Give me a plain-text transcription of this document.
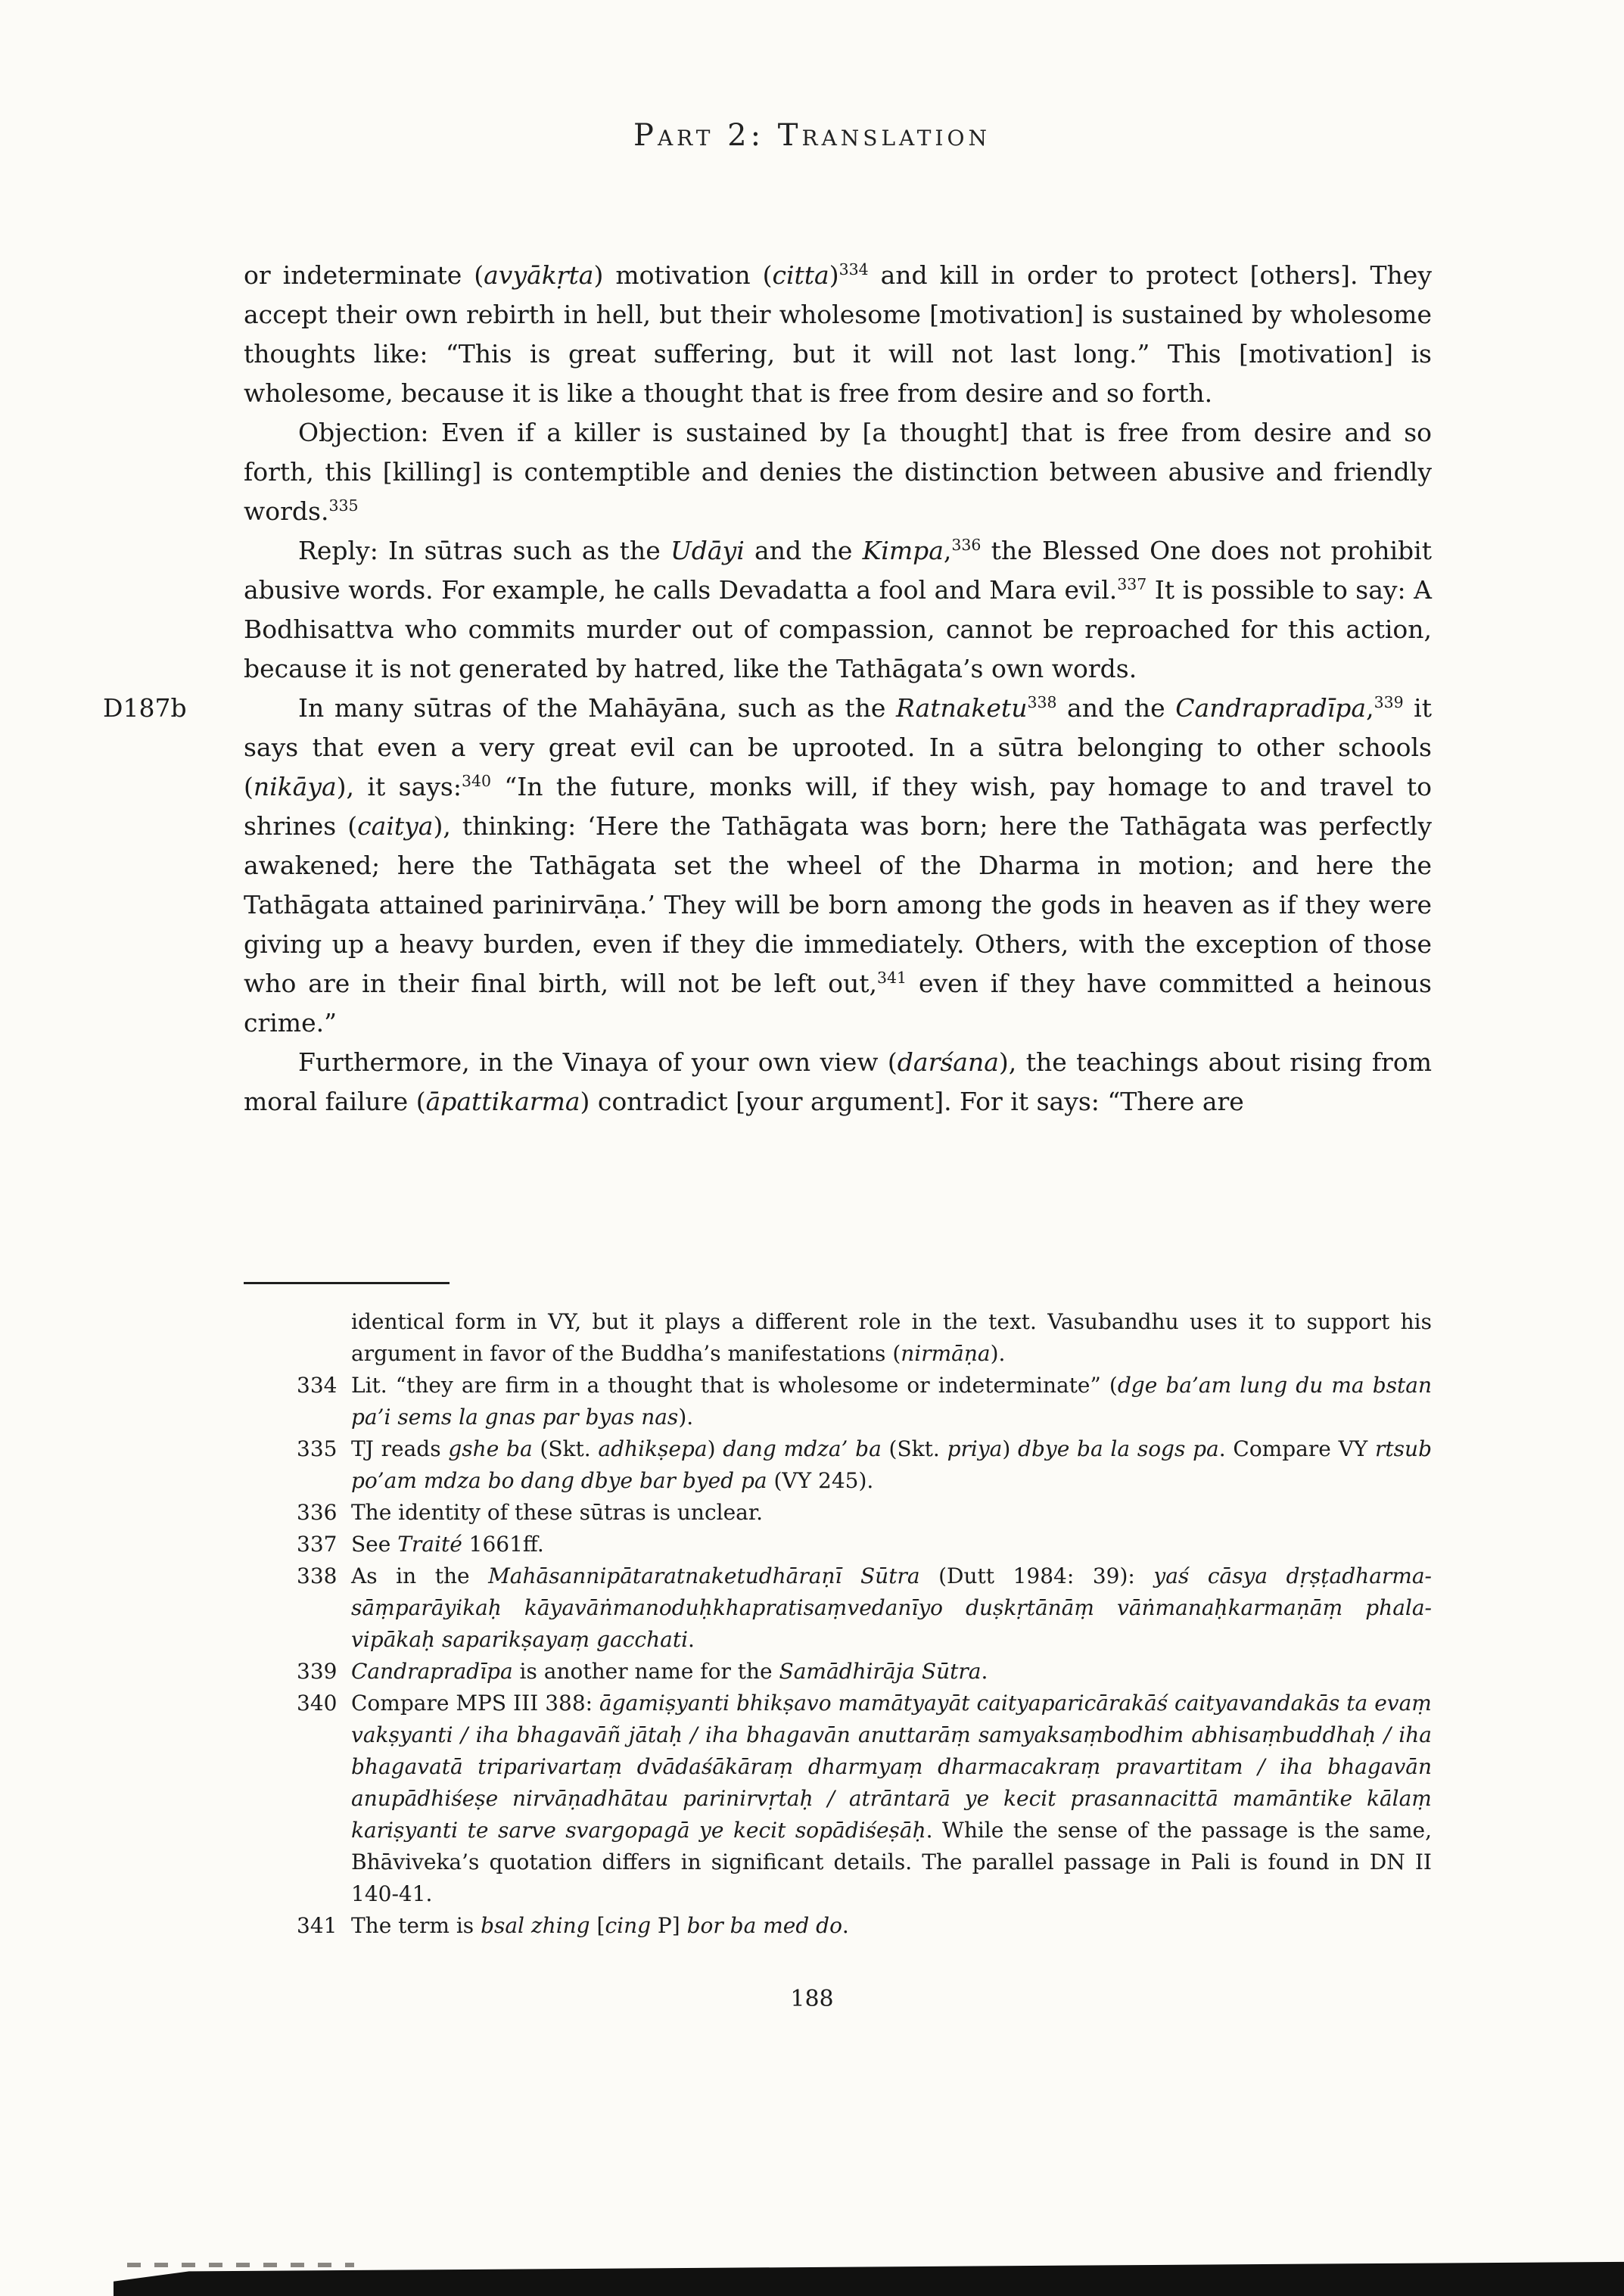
Part 2: Translation

or indeterminate (avyākṛta) motivation (citta)$^{334}$ and kill in order to protect [others]. They accept their own rebirth in hell, but their wholesome [motivation] is sustained by wholesome thoughts like: “This is great suffering, but it will not last long.” This [motivation] is wholesome, because it is like a thought that is free from desire and so forth.

Objection: Even if a killer is sustained by [a thought] that is free from desire and so forth, this [killing] is contemptible and denies the distinction between abusive and friendly words.$^{335}$

Reply: In sūtras such as the Udāyi and the Kimpa,$^{336}$ the Blessed One does not prohibit abusive words. For example, he calls Devadatta a fool and Mara evil.$^{337}$ It is possible to say: A Bodhisattva who commits murder out of compassion, cannot be reproached for this action, because it is not generated by hatred, like the Tathāgata’s own words.

D187b	In many sūtras of the Mahāyāna, such as the Ratnaketu$^{338}$ and the Candrapradīpa,$^{339}$ it says that even a very great evil can be uprooted. In a sūtra belonging to other schools (nikāya), it says:$^{340}$ “In the future, monks will, if they wish, pay homage to and travel to shrines (caitya), thinking: ‘Here the Tathāgata was born; here the Tathāgata was perfectly awakened; here the Tathāgata set the wheel of the Dharma in motion; and here the Tathāgata attained parinirvāṇa.’ They will be born among the gods in heaven as if they were giving up a heavy burden, even if they die immediately. Others, with the exception of those who are in their final birth, will not be left out,$^{341}$ even if they have committed a heinous crime.”

Furthermore, in the Vinaya of your own view (darśana), the teachings about rising from moral failure (āpattikarma) contradict [your argument]. For it says: “There are

identical form in VY, but it plays a different role in the text. Vasubandhu uses it to support his argument in favor of the Buddha’s manifestations (nirmāṇa).
334 Lit. “they are firm in a thought that is wholesome or indeterminate” (dge ba’am lung du ma bstan pa’i sems la gnas par byas nas).
335 TJ reads gshe ba (Skt. adhikṣepa) dang mdza’ ba (Skt. priya) dbye ba la sogs pa. Compare VY rtsub po’am mdza bo dang dbye bar byed pa (VY 245).
336 The identity of these sūtras is unclear.
337 See Traité 1661ff.
338 As in the Mahāsannipātaratnaketudhāraṇī Sūtra (Dutt 1984: 39): yaś cāsya dṛṣṭadharma-sāṃparāyikaḥ kāyavāṅmanoduḥkhapratisaṃvedanīyo duṣkṛtānāṃ vāṅmanaḥkarmaṇāṃ phala-vipākaḥ saparikṣayaṃ gacchati.
339 Candrapradīpa is another name for the Samādhirāja Sūtra.
340 Compare MPS III 388: āgamiṣyanti bhikṣavo mamātyayāt caityaparicārakāś caityavandakās ta evaṃ vakṣyanti / iha bhagavāñ jātaḥ / iha bhagavān anuttarāṃ samyaksaṃbodhim abhisaṃbuddhaḥ / iha bhagavatā triparivartaṃ dvādaśākāraṃ dharmyaṃ dharmacakraṃ pravartitam / iha bhagavān anupādhiśeṣe nirvāṇadhātau parinirvṛtaḥ / atrāntarā ye kecit prasannacittā mamāntike kālaṃ kariṣyanti te sarve svargopagā ye kecit sopādiśeṣāḥ. While the sense of the passage is the same, Bhāviveka’s quotation differs in significant details. The parallel passage in Pali is found in DN II 140-41.
341 The term is bsal zhing [cing P] bor ba med do.
188
